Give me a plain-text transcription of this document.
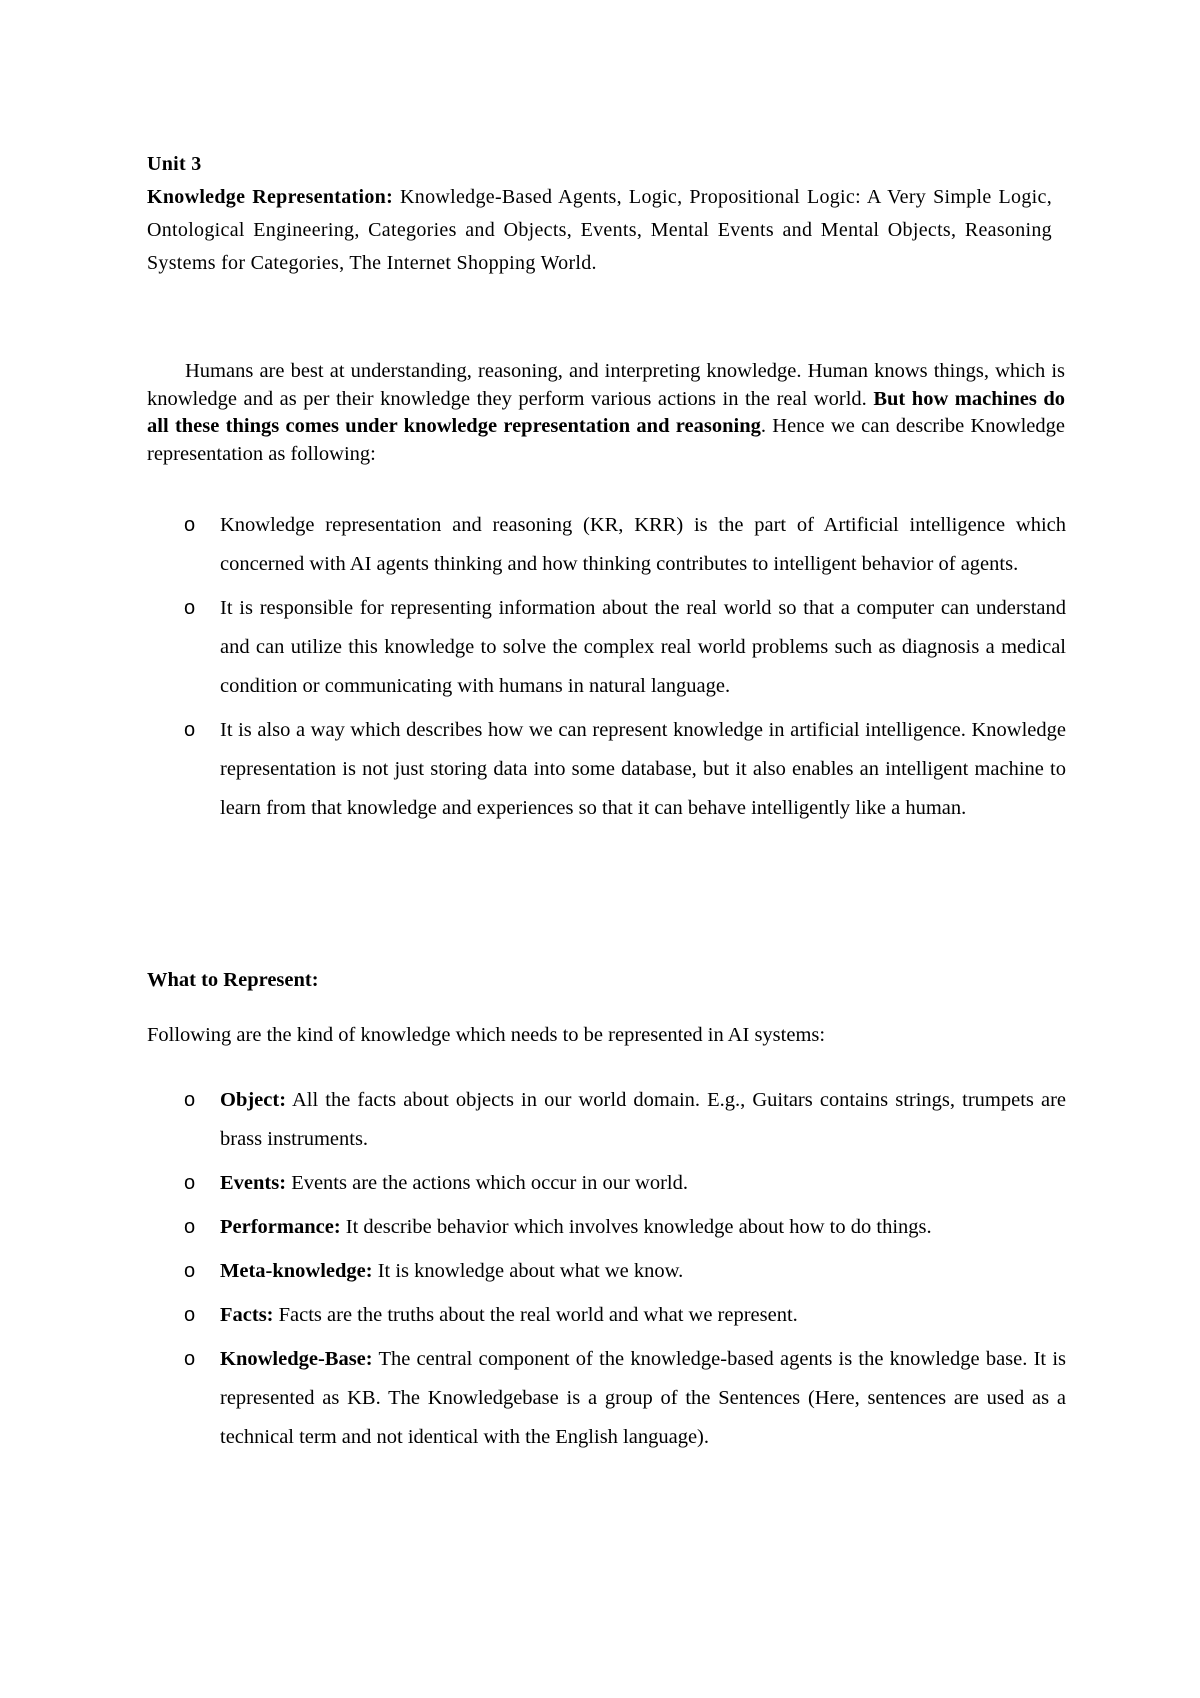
Unit 3
Knowledge Representation: Knowledge-Based Agents, Logic, Propositional Logic: A Very Simple Logic, Ontological Engineering, Categories and Objects, Events, Mental Events and Mental Objects, Reasoning Systems for Categories, The Internet Shopping World.
Humans are best at understanding, reasoning, and interpreting knowledge. Human knows things, which is knowledge and as per their knowledge they perform various actions in the real world. But how machines do all these things comes under knowledge representation and reasoning. Hence we can describe Knowledge representation as following:
o	Knowledge representation and reasoning (KR, KRR) is the part of Artificial intelligence which concerned with AI agents thinking and how thinking contributes to intelligent behavior of agents.
o	It is responsible for representing information about the real world so that a computer can understand and can utilize this knowledge to solve the complex real world problems such as diagnosis a medical condition or communicating with humans in natural language.
o	It is also a way which describes how we can represent knowledge in artificial intelligence. Knowledge representation is not just storing data into some database, but it also enables an intelligent machine to learn from that knowledge and experiences so that it can behave intelligently like a human.
What to Represent:
Following are the kind of knowledge which needs to be represented in AI systems:
o	Object: All the facts about objects in our world domain. E.g., Guitars contains strings, trumpets are brass instruments.
o	Events: Events are the actions which occur in our world.
o	Performance: It describe behavior which involves knowledge about how to do things.
o	Meta-knowledge: It is knowledge about what we know.
o	Facts: Facts are the truths about the real world and what we represent.
o	Knowledge-Base: The central component of the knowledge-based agents is the knowledge base. It is represented as KB. The Knowledgebase is a group of the Sentences (Here, sentences are used as a technical term and not identical with the English language).
